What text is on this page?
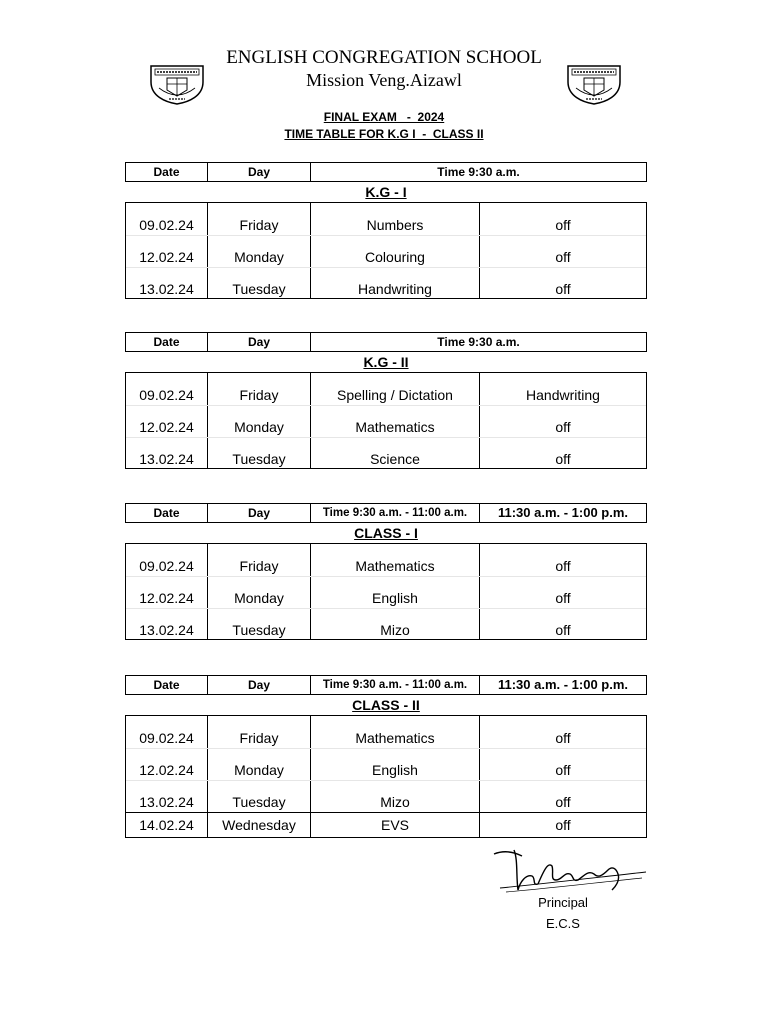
ENGLISH CONGREGATION SCHOOL
Mission Veng.Aizawl
FINAL EXAM   -  2024
TIME TABLE FOR K.G I  -  CLASS II
Date	Day	Time 9:30 a.m.
K.G - I
09.02.24	Friday	Numbers	off
12.02.24	Monday	Colouring	off
13.02.24	Tuesday	Handwriting	off
Date	Day	Time 9:30 a.m.
K.G - II
09.02.24	Friday	Spelling / Dictation	Handwriting
12.02.24	Monday	Mathematics	off
13.02.24	Tuesday	Science	off
Date	Day	Time 9:30 a.m. - 11:00 a.m.	11:30 a.m. - 1:00 p.m.
CLASS - I
09.02.24	Friday	Mathematics	off
12.02.24	Monday	English	off
13.02.24	Tuesday	Mizo	off
Date	Day	Time 9:30 a.m. - 11:00 a.m.	11:30 a.m. - 1:00 p.m.
CLASS - II
09.02.24	Friday	Mathematics	off
12.02.24	Monday	English	off
13.02.24	Tuesday	Mizo	off
14.02.24	Wednesday	EVS	off
Principal
E.C.S
